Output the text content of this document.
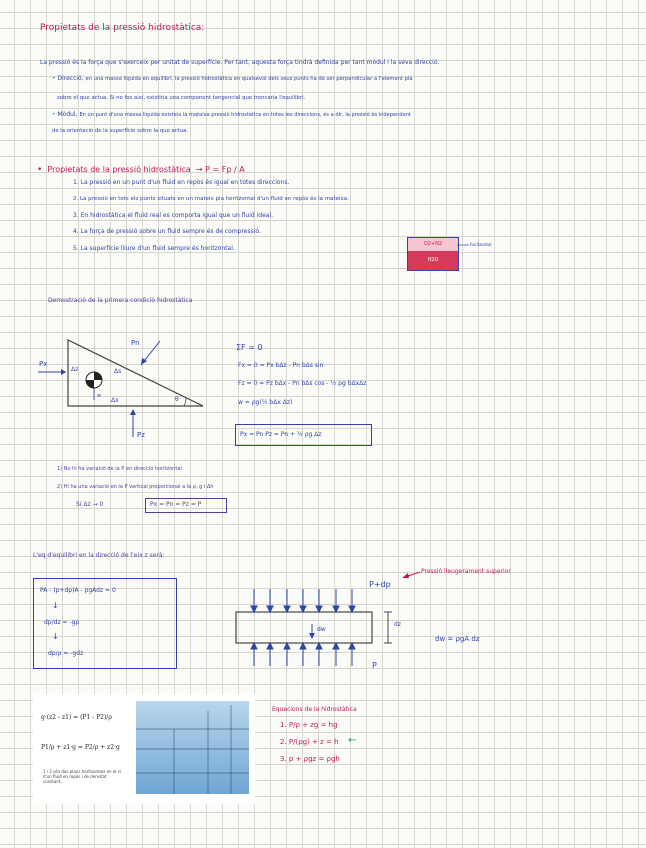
Propietats de la pressió hidrostàtica:
La pressió és la força que s'exerceix per unitat de superfície. Per tant, aquesta força tindrà definida per tant mòdul i la seva direcció.
• Direcció, en una massa líquida en equilibri, la pressió hidrostàtica en qualsevol dels seus punts ha de ser perpendicular a l'element pla
sobre el que actua. Si no fos així, existiria una component tangencial que trencaria l'equilibri.
• Mòdul, En un punt d'una massa líquida existeix la mateixa pressió hidrostàtica en totes les direccions, és a dir, la pressió és independent
de la orientació de la superfície sobre la que actua.
• Propietats de la pressió hidrostàtica → P = Fp / A
1. La pressió en un punt d'un fluid en repòs és igual en totes direccions.
2. La pressió en tots els punts situats en un mateix pla horitzontal d'un fluid en repòs és la mateixa.
3. En hidrostàtica el fluid real es comporta igual que un fluid ideal.
4. La força de pressió sobre un fluid sempre és de compressió.
5. La superfície lliure d'un fluid sempre és horitzontal.
O2+N2
H2O
horitzontal
Demostració de la primera condició hidrostàtica
Pn
Px
Δz	Δs
Δx
w	θ
Pz
ΣF = 0
Fx = 0 = Px bΔz - Pn bΔs sin
Fz = 0 = Pz bΔx - Pn bΔs cos - ½ ρg bΔxΔz
w = ρg(½ bΔx Δz)
Px = Pn Pz = Pn + ½ ρg Δz
1) No hi ha variació de la P en direcció horitzontal
2) Hi ha una variació en la P vertical proporcional a la ρ, g i Δh
Si Δz → 0	Px = Pn = Pz = P
L'eq d'equilibri en la direcció de l'eix z serà:
PA - (p+dp)A - ρgAdz = 0
↓
dp/dz = -gρ
↓
dp/ρ = -gdz
P+dp
Pressió lleugerament superior
dw
dz
P
dw = ρgA dz
g·(z2 - z1) = (P1 - P2)/ρ
P1/ρ + z1·g = P2/ρ + z2·g
1 i 2 són dos plans horitzontals en el si d'un fluid en repòs i de densitat constant.
Equacions de la hidrostàtica
1. P/ρ + zg = hg
2. P/(ρg) + z = h ←
3. p + ρgz = ρgh
